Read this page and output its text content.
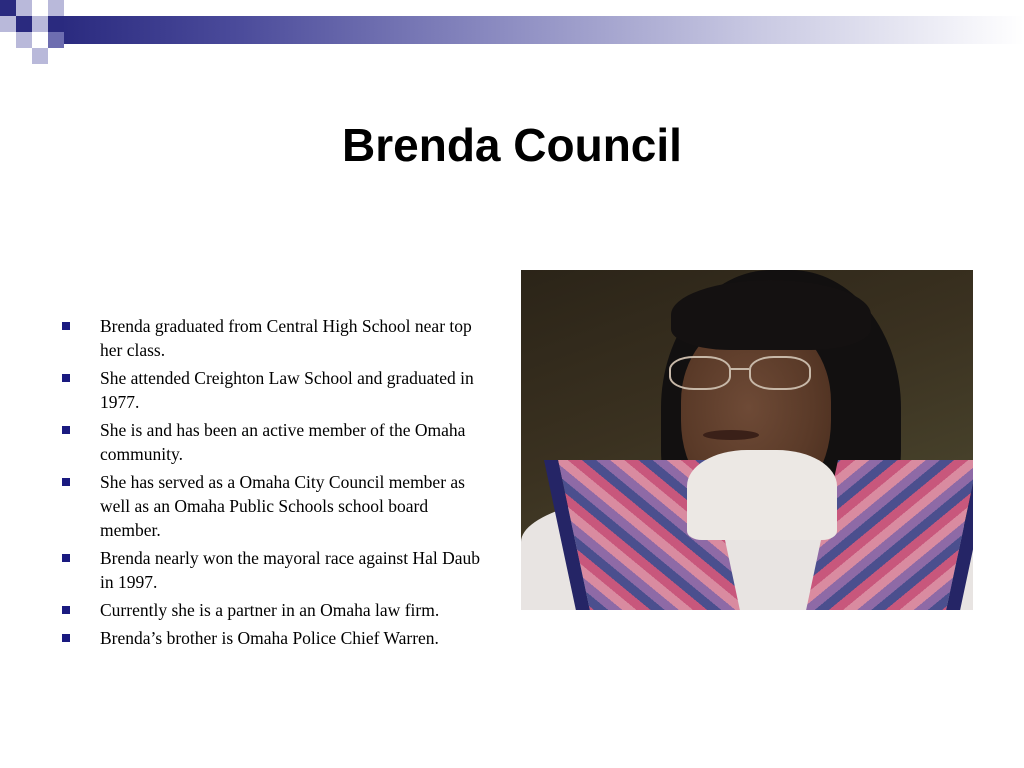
Brenda Council
Brenda graduated from Central High School near top her class.
She attended Creighton Law School and graduated in 1977.
She is and has been an active member of the Omaha community.
She has served as a Omaha City Council member as well as an Omaha Public Schools school board member.
Brenda nearly won the mayoral race against Hal Daub in 1997.
Currently she is a partner in an Omaha law firm.
Brenda’s brother is Omaha Police Chief Warren.
